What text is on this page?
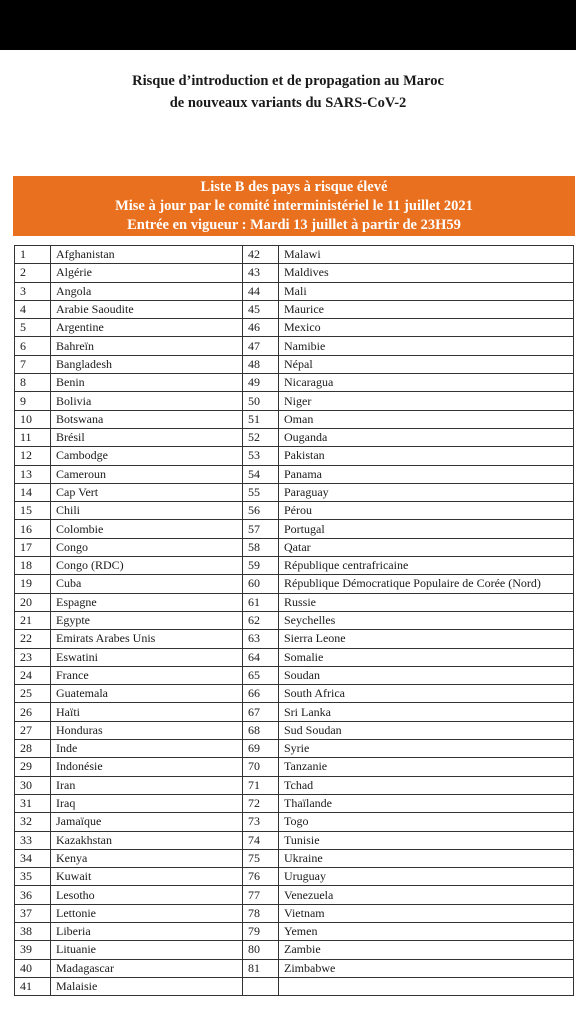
Risque d’introduction et de propagation au Maroc
de nouveaux variants du SARS-CoV-2
Liste B des pays à risque élevé
Mise à jour par le comité interministériel le 11 juillet 2021
Entrée en vigueur : Mardi 13 juillet à partir de 23H59
1	Afghanistan	42	Malawi
2	Algérie	43	Maldives
3	Angola	44	Mali
4	Arabie Saoudite	45	Maurice
5	Argentine	46	Mexico
6	Bahreïn	47	Namibie
7	Bangladesh	48	Népal
8	Benin	49	Nicaragua
9	Bolivia	50	Niger
10	Botswana	51	Oman
11	Brésil	52	Ouganda
12	Cambodge	53	Pakistan
13	Cameroun	54	Panama
14	Cap Vert	55	Paraguay
15	Chili	56	Pérou
16	Colombie	57	Portugal
17	Congo	58	Qatar
18	Congo (RDC)	59	République centrafricaine
19	Cuba	60	République Démocratique Populaire de Corée (Nord)
20	Espagne	61	Russie
21	Egypte	62	Seychelles
22	Emirats Arabes Unis	63	Sierra Leone
23	Eswatini	64	Somalie
24	France	65	Soudan
25	Guatemala	66	South Africa
26	Haïti	67	Sri Lanka
27	Honduras	68	Sud Soudan
28	Inde	69	Syrie
29	Indonésie	70	Tanzanie
30	Iran	71	Tchad
31	Iraq	72	Thaïlande
32	Jamaïque	73	Togo
33	Kazakhstan	74	Tunisie
34	Kenya	75	Ukraine
35	Kuwait	76	Uruguay
36	Lesotho	77	Venezuela
37	Lettonie	78	Vietnam
38	Liberia	79	Yemen
39	Lituanie	80	Zambie
40	Madagascar	81	Zimbabwe
41	Malaisie		
